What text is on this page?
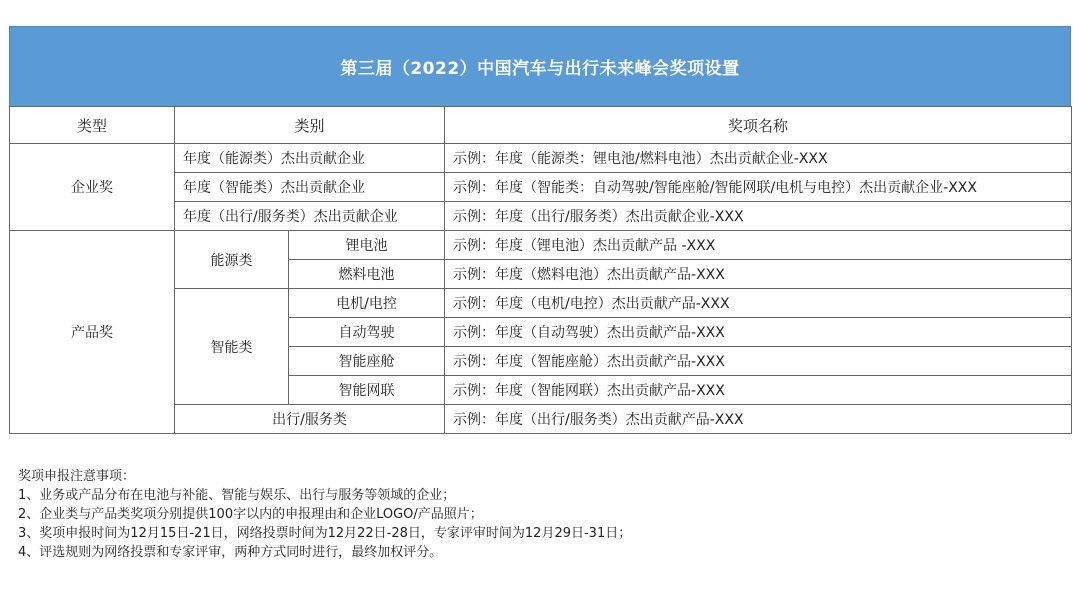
第三届（2022）中国汽车与出行未来峰会奖项设置
类型	类别		奖项名称
企业奖	年度（能源类）杰出贡献企业		示例：年度（能源类：锂电池/燃料电池）杰出贡献企业-XXX
	年度（智能类）杰出贡献企业		示例：年度（智能类：自动驾驶/智能座舱/智能网联/电机与电控）杰出贡献企业-XXX
	年度（出行/服务类）杰出贡献企业		示例：年度（出行/服务类）杰出贡献企业-XXX
产品奖	能源类	锂电池	示例：年度（锂电池）杰出贡献产品 -XXX
		燃料电池	示例：年度（燃料电池）杰出贡献产品-XXX
	智能类	电机/电控	示例：年度（电机/电控）杰出贡献产品-XXX
		自动驾驶	示例：年度（自动驾驶）杰出贡献产品-XXX
		智能座舱	示例：年度（智能座舱）杰出贡献产品-XXX
		智能网联	示例：年度（智能网联）杰出贡献产品-XXX
	出行/服务类		示例：年度（出行/服务类）杰出贡献产品-XXX
奖项申报注意事项：
1、业务或产品分布在电池与补能、智能与娱乐、出行与服务等领域的企业；
2、企业类与产品类奖项分别提供100字以内的申报理由和企业LOGO/产品照片；
3、奖项申报时间为12月15日-21日，网络投票时间为12月22日-28日，专家评审时间为12月29日-31日；
4、评选规则为网络投票和专家评审，两种方式同时进行，最终加权评分。
